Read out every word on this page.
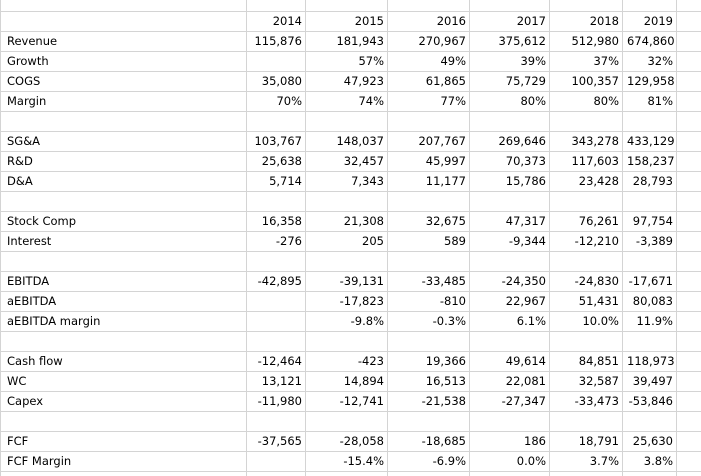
	2014	2015	2016	2017	2018	2019	
Revenue	115,876	181,943	270,967	375,612	512,980	674,860	
Growth		57%	49%	39%	37%	32%	
COGS	35,080	47,923	61,865	75,729	100,357	129,958	
Margin	70%	74%	77%	80%	80%	81%	

SG&A	103,767	148,037	207,767	269,646	343,278	433,129	
R&D	25,638	32,457	45,997	70,373	117,603	158,237	
D&A	5,714	7,343	11,177	15,786	23,428	28,793	

Stock Comp	16,358	21,308	32,675	47,317	76,261	97,754	
Interest	-276	205	589	-9,344	-12,210	-3,389	

EBITDA	-42,895	-39,131	-33,485	-24,350	-24,830	-17,671	
aEBITDA		-17,823	-810	22,967	51,431	80,083	
aEBITDA margin		-9.8%	-0.3%	6.1%	10.0%	11.9%	

Cash flow	-12,464	-423	19,366	49,614	84,851	118,973	
WC	13,121	14,894	16,513	22,081	32,587	39,497	
Capex	-11,980	-12,741	-21,538	-27,347	-33,473	-53,846	

FCF	-37,565	-28,058	-18,685	186	18,791	25,630	
FCF Margin		-15.4%	-6.9%	0.0%	3.7%	3.8%	
